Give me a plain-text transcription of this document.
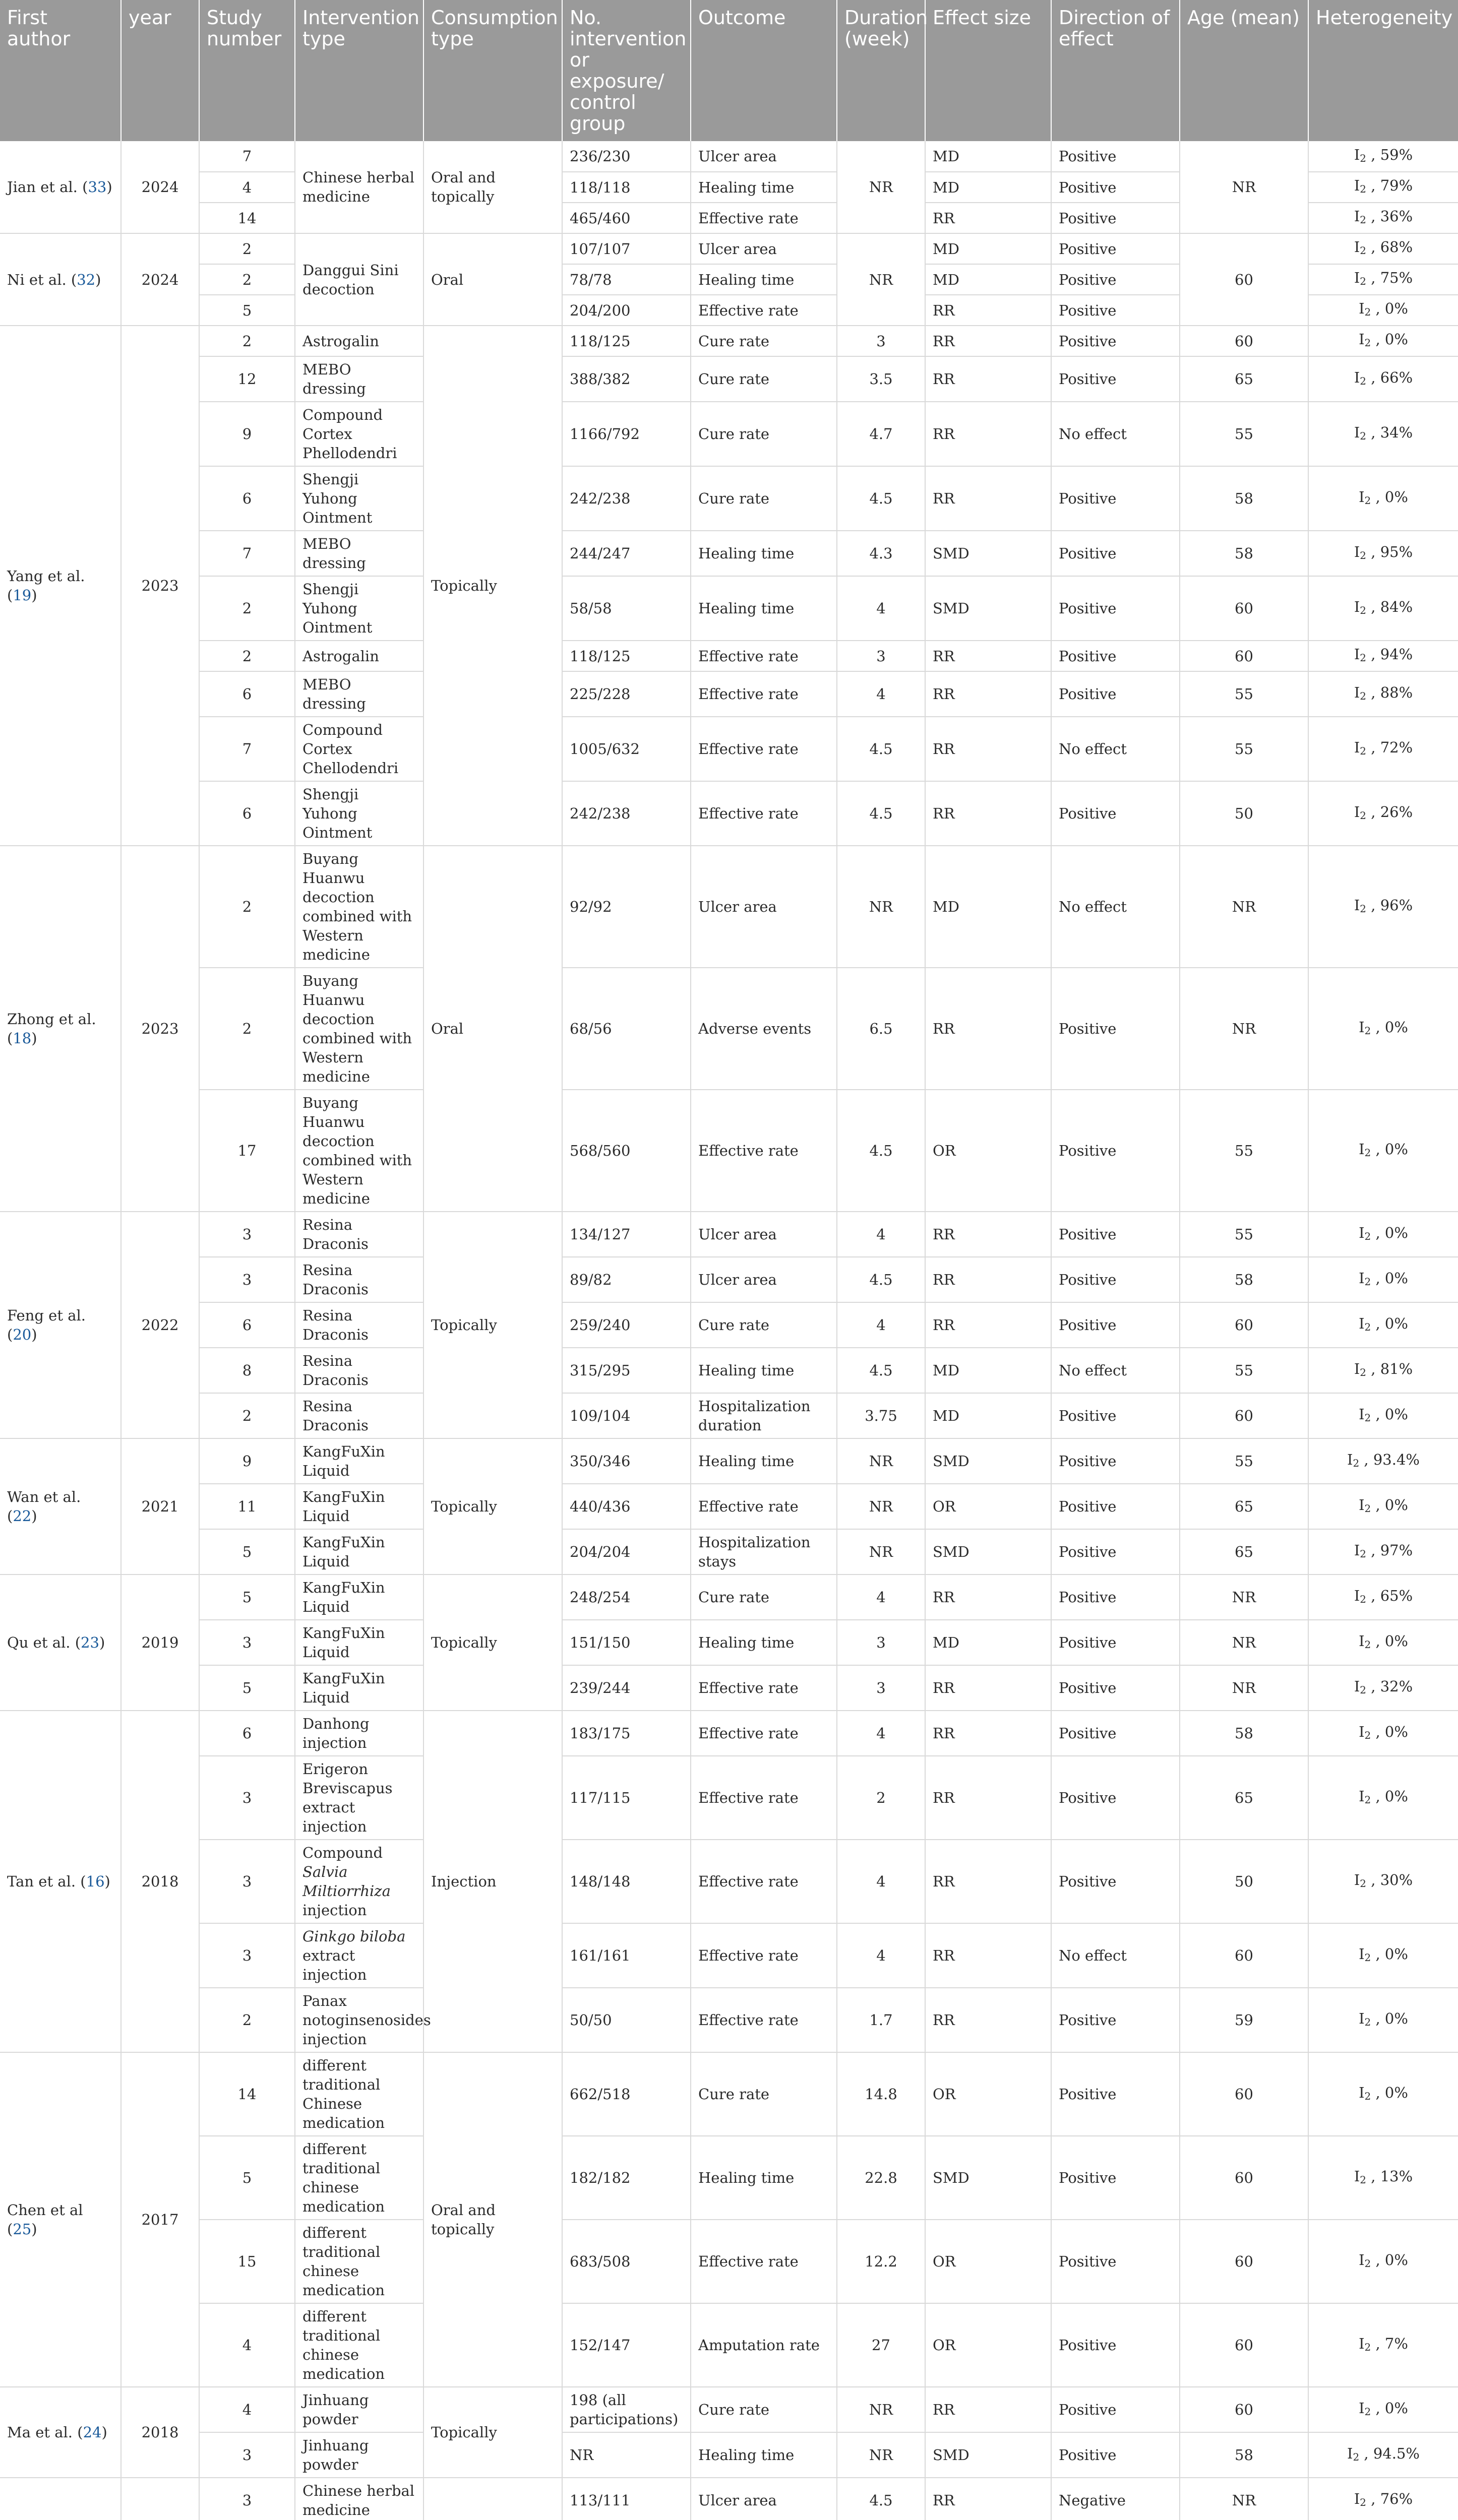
First author	year	Study number	Intervention type	Consumption type	No. intervention or exposure/ control group	Outcome	Duration (week)	Effect size	Direction of effect	Age (mean)	Heterogeneity
Jian et al. (33)	2024	7	Chinese herbal medicine	Oral and topically	236/230	Ulcer area	NR	MD	Positive	NR	$I_2$ , 59%
		4			118/118	Healing time		MD	Positive		$I_2$ , 79%
		14			465/460	Effective rate		RR	Positive		$I_2$ , 36%
Ni et al. (32)	2024	2	Danggui Sini decoction	Oral	107/107	Ulcer area	NR	MD	Positive	60	$I_2$ , 68%
		2			78/78	Healing time		MD	Positive		$I_2$ , 75%
		5			204/200	Effective rate		RR	Positive		$I_2$ , 0%
Yang et al. (19)	2023	2	Astrogalin	Topically	118/125	Cure rate	3	RR	Positive	60	$I_2$ , 0%
		12	MEBO dressing		388/382	Cure rate	3.5	RR	Positive	65	$I_2$ , 66%
		9	Compound Cortex Phellodendri		1166/792	Cure rate	4.7	RR	No effect	55	$I_2$ , 34%
		6	Shengji Yuhong Ointment		242/238	Cure rate	4.5	RR	Positive	58	$I_2$ , 0%
		7	MEBO dressing		244/247	Healing time	4.3	SMD	Positive	58	$I_2$ , 95%
		2	Shengji Yuhong Ointment		58/58	Healing time	4	SMD	Positive	60	$I_2$ , 84%
		2	Astrogalin		118/125	Effective rate	3	RR	Positive	60	$I_2$ , 94%
		6	MEBO dressing		225/228	Effective rate	4	RR	Positive	55	$I_2$ , 88%
		7	Compound Cortex Chellodendri		1005/632	Effective rate	4.5	RR	No effect	55	$I_2$ , 72%
		6	Shengji Yuhong Ointment		242/238	Effective rate	4.5	RR	Positive	50	$I_2$ , 26%
Zhong et al. (18)	2023	2	Buyang Huanwu decoction combined with Western medicine	Oral	92/92	Ulcer area	NR	MD	No effect	NR	$I_2$ , 96%
		2	Buyang Huanwu decoction combined with Western medicine		68/56	Adverse events	6.5	RR	Positive	NR	$I_2$ , 0%
		17	Buyang Huanwu decoction combined with Western medicine		568/560	Effective rate	4.5	OR	Positive	55	$I_2$ , 0%
Feng et al. (20)	2022	3	Resina Draconis	Topically	134/127	Ulcer area	4	RR	Positive	55	$I_2$ , 0%
		3	Resina Draconis		89/82	Ulcer area	4.5	RR	Positive	58	$I_2$ , 0%
		6	Resina Draconis		259/240	Cure rate	4	RR	Positive	60	$I_2$ , 0%
		8	Resina Draconis		315/295	Healing time	4.5	MD	No effect	55	$I_2$ , 81%
		2	Resina Draconis		109/104	Hospitalization duration	3.75	MD	Positive	60	$I_2$ , 0%
Wan et al. (22)	2021	9	KangFuXin Liquid	Topically	350/346	Healing time	NR	SMD	Positive	55	$I_2$ , 93.4%
		11	KangFuXin Liquid		440/436	Effective rate	NR	OR	Positive	65	$I_2$ , 0%
		5	KangFuXin Liquid		204/204	Hospitalization stays	NR	SMD	Positive	65	$I_2$ , 97%
Qu et al. (23)	2019	5	KangFuXin Liquid	Topically	248/254	Cure rate	4	RR	Positive	NR	$I_2$ , 65%
		3	KangFuXin Liquid		151/150	Healing time	3	MD	Positive	NR	$I_2$ , 0%
		5	KangFuXin Liquid		239/244	Effective rate	3	RR	Positive	NR	$I_2$ , 32%
Tan et al. (16)	2018	6	Danhong injection	Injection	183/175	Effective rate	4	RR	Positive	58	$I_2$ , 0%
		3	Erigeron Breviscapus extract injection		117/115	Effective rate	2	RR	Positive	65	$I_2$ , 0%
		3	Compound Salvia Miltiorrhiza injection		148/148	Effective rate	4	RR	Positive	50	$I_2$ , 30%
		3	Ginkgo biloba extract injection		161/161	Effective rate	4	RR	No effect	60	$I_2$ , 0%
		2	Panax notoginsenosides injection		50/50	Effective rate	1.7	RR	Positive	59	$I_2$ , 0%
Chen et al (25)	2017	14	different traditional Chinese medication	Oral and topically	662/518	Cure rate	14.8	OR	Positive	60	$I_2$ , 0%
		5	different traditional chinese medication		182/182	Healing time	22.8	SMD	Positive	60	$I_2$ , 13%
		15	different traditional chinese medication		683/508	Effective rate	12.2	OR	Positive	60	$I_2$ , 0%
		4	different traditional chinese medication		152/147	Amputation rate	27	OR	Positive	60	$I_2$ , 7%
Ma et al. (24)	2018	4	Jinhuang powder	Topically	198 (all participations)	Cure rate	NR	RR	Positive	60	$I_2$ , 0%
		3	Jinhuang powder		NR	Healing time	NR	SMD	Positive	58	$I_2$ , 94.5%
		3	Chinese herbal medicine		113/111	Ulcer area	4.5	RR	Negative	NR	$I_2$ , 76%
